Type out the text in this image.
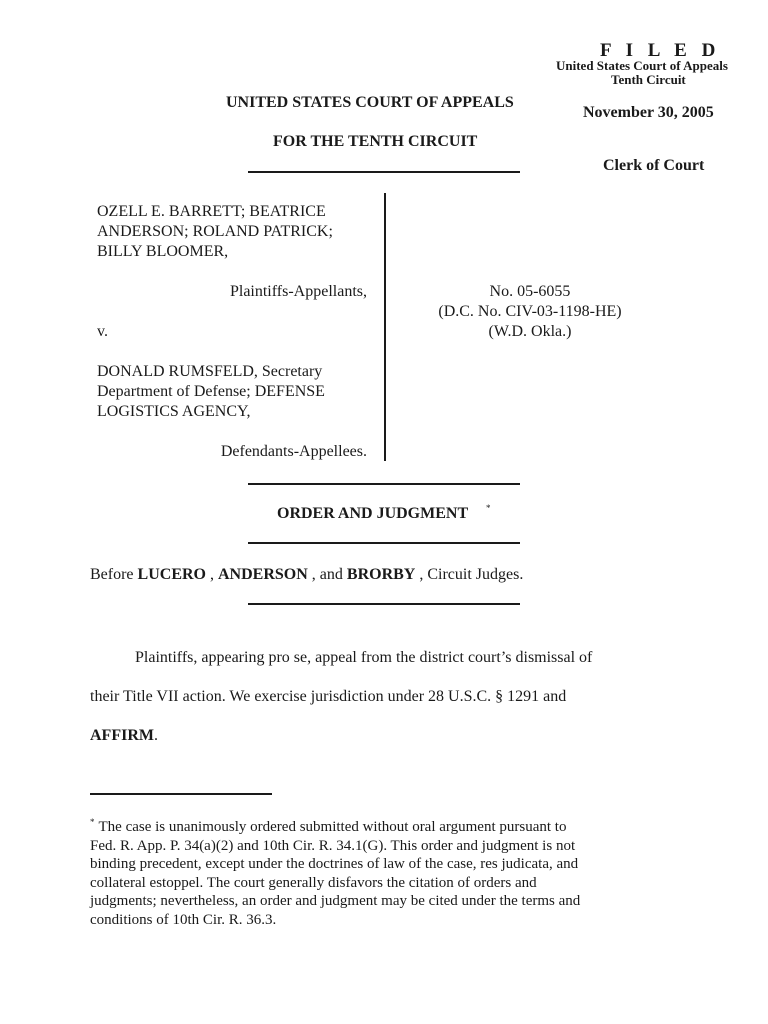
F I L E D
United States Court of Appeals
Tenth Circuit
November 30, 2005
Clerk of Court
UNITED STATES COURT OF APPEALS
FOR THE TENTH CIRCUIT

OZELL E. BARRETT; BEATRICE

ANDERSON; ROLAND PATRICK;

BILLY BLOOMER,

Plaintiffs-Appellants,

v.

DONALD RUMSFELD, Secretary

Department of Defense; DEFENSE

LOGISTICS AGENCY,

Defendants-Appellees.

No. 05-6055
(D.C. No. CIV-03-1198-HE)
(W.D. Okla.)
ORDER AND JUDGMENT *
Before LUCERO , ANDERSON , and BRORBY , Circuit Judges.

Plaintiffs, appearing pro se, appeal from the district court’s dismissal of

their Title VII action. We exercise jurisdiction under 28 U.S.C. § 1291 and

AFFIRM.

* The case is unanimously ordered submitted without oral argument pursuant to
Fed. R. App. P. 34(a)(2) and 10th Cir. R. 34.1(G). This order and judgment is not
binding precedent, except under the doctrines of law of the case, res judicata, and
collateral estoppel. The court generally disfavors the citation of orders and
judgments; nevertheless, an order and judgment may be cited under the terms and
conditions of 10th Cir. R. 36.3.
